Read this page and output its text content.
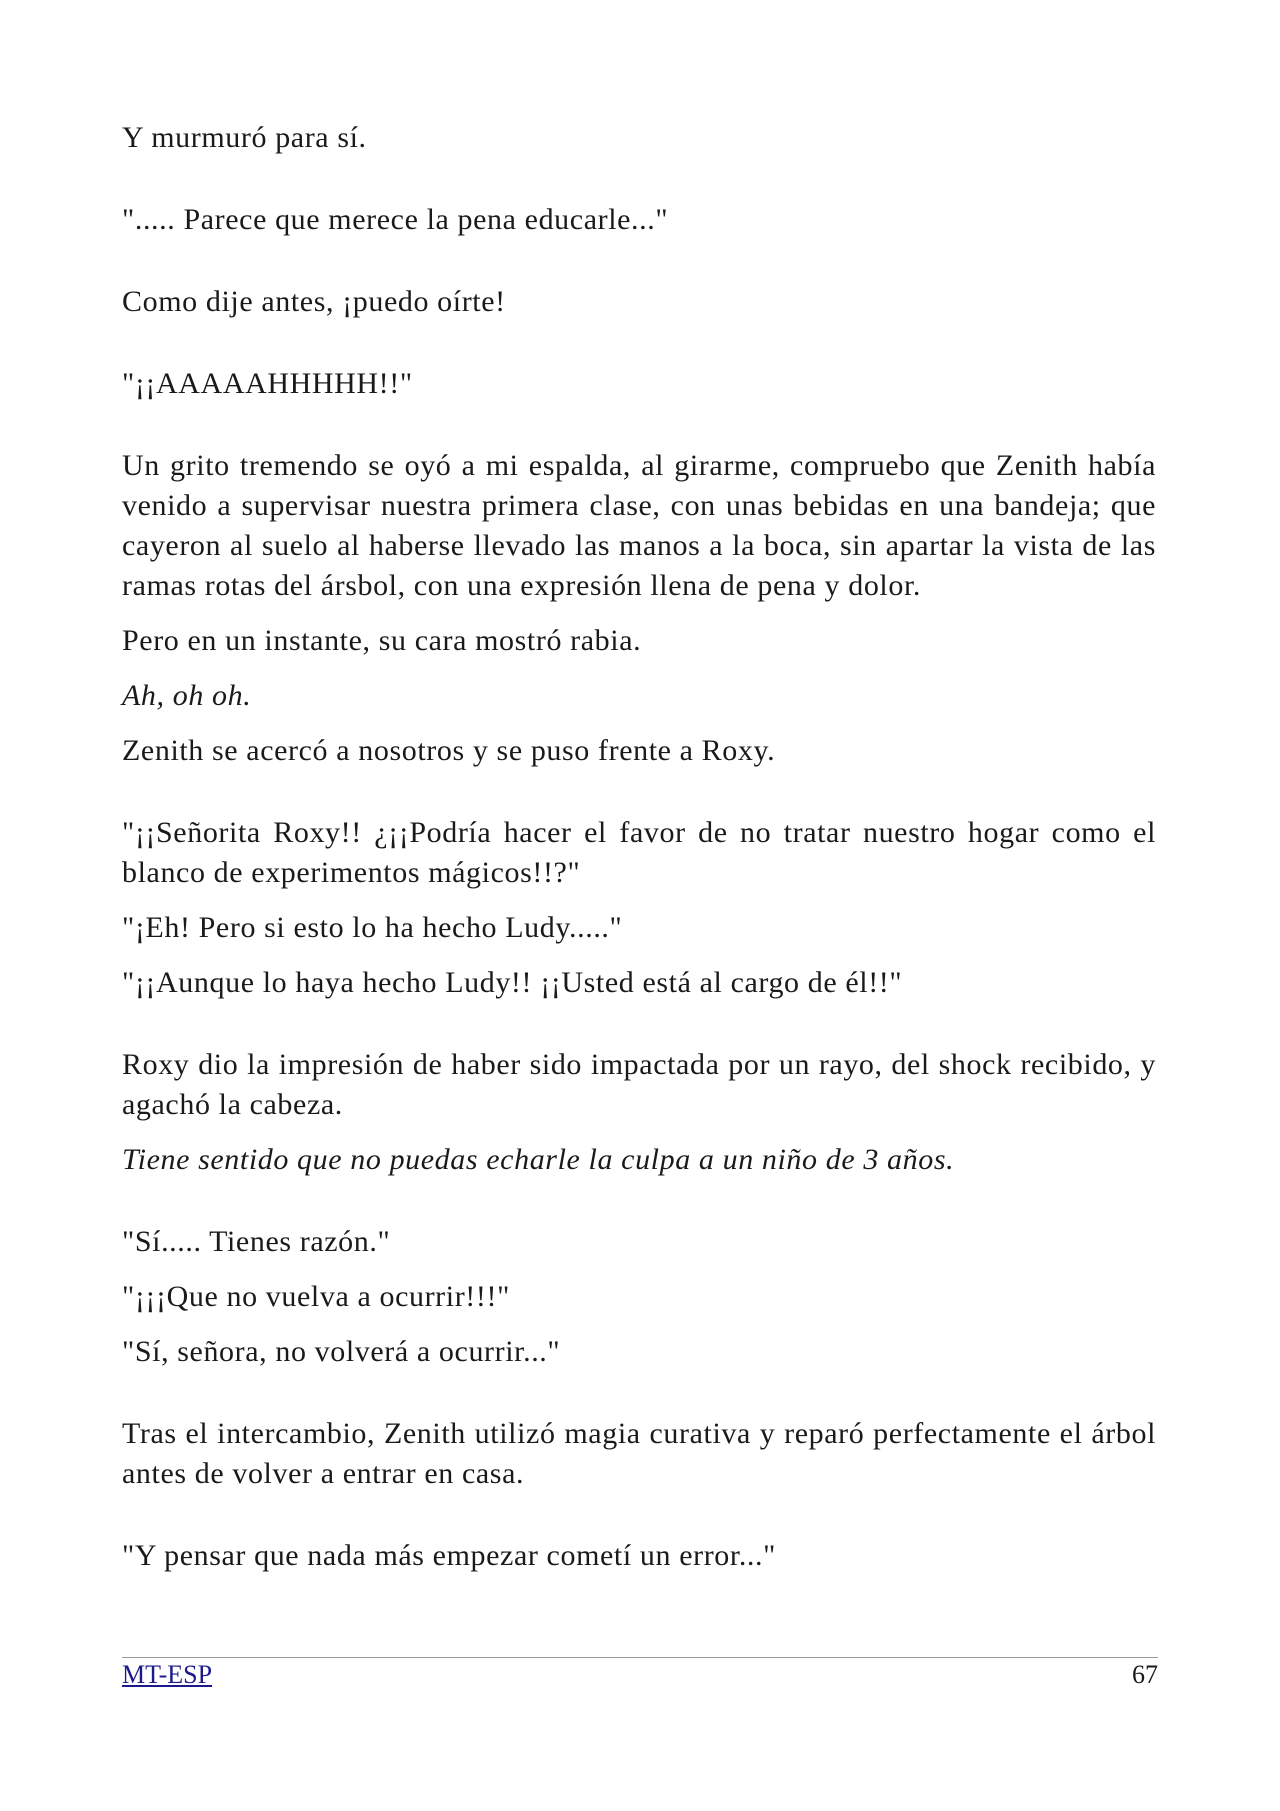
Y murmuró para sí.

"..... Parece que merece la pena educarle..."

Como dije antes, ¡puedo oírte!

"¡¡AAAAAHHHHH!!"

Un grito tremendo se oyó a mi espalda, al girarme, compruebo que Zenith había venido a supervisar nuestra primera clase, con unas bebidas en una bandeja; que cayeron al suelo al haberse llevado las manos a la boca, sin apartar la vista de las ramas rotas del ársbol, con una expresión llena de pena y dolor.

Pero en un instante, su cara mostró rabia.

Ah, oh oh.

Zenith se acercó a nosotros y se puso frente a Roxy.

"¡¡Señorita Roxy!! ¿¡¡Podría hacer el favor de no tratar nuestro hogar como el blanco de experimentos mágicos!!?"

"¡Eh! Pero si esto lo ha hecho Ludy....."

"¡¡Aunque lo haya hecho Ludy!! ¡¡Usted está al cargo de él!!"

Roxy dio la impresión de haber sido impactada por un rayo, del shock recibido, y agachó la cabeza.

Tiene sentido que no puedas echarle la culpa a un niño de 3 años.

"Sí..... Tienes razón."

"¡¡¡Que no vuelva a ocurrir!!!"

"Sí, señora, no volverá a ocurrir..."

Tras el intercambio, Zenith utilizó magia curativa y reparó perfectamente el árbol antes de volver a entrar en casa.

"Y pensar que nada más empezar cometí un error..."

MT-ESP	67
